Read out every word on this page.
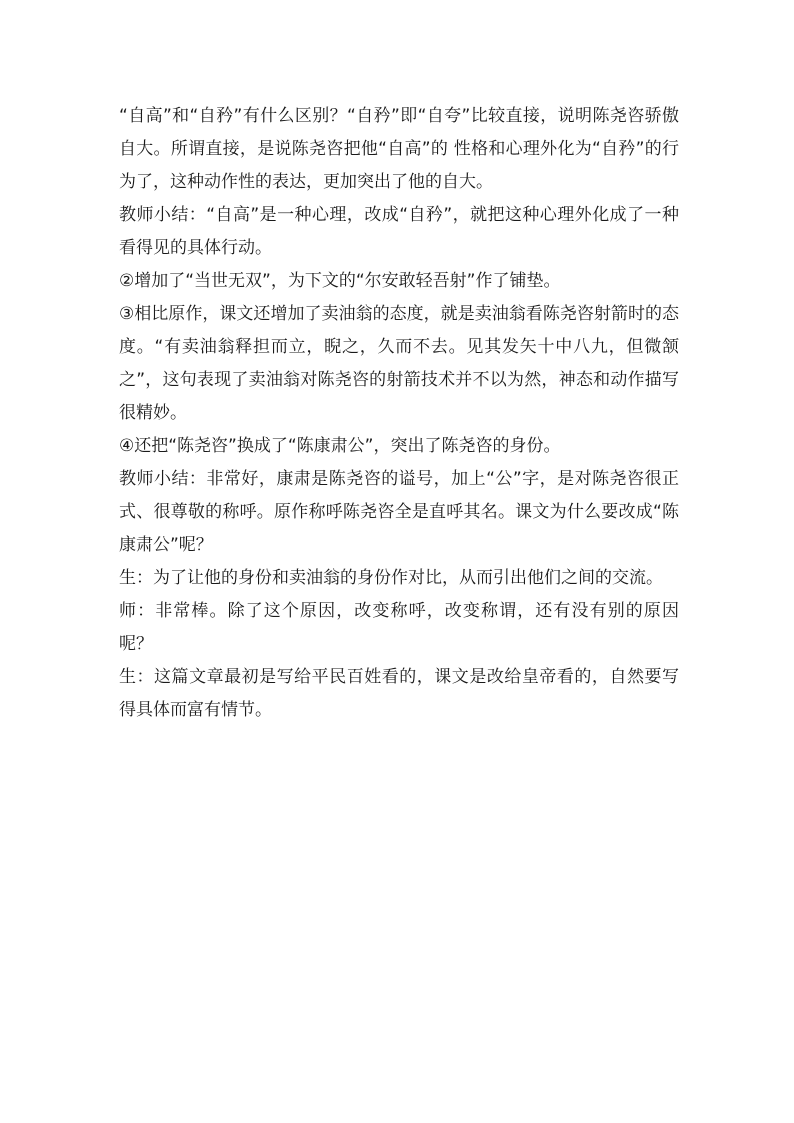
“自高”和“自矜”有什么区别？“自矜”即“自夸”比较直接，说明陈尧咨骄傲自大。所谓直接，是说陈尧咨把他“自高”的 性格和心理外化为“自矜”的行为了，这种动作性的表达，更加突出了他的自大。

教师小结：“自高”是一种心理，改成“自矜”，就把这种心理外化成了一种看得见的具体行动。

②增加了“当世无双”，为下文的“尔安敢轻吾射”作了铺垫。

③相比原作，课文还增加了卖油翁的态度，就是卖油翁看陈尧咨射箭时的态度。“有卖油翁释担而立，睨之，久而不去。见其发矢十中八九，但微颔之”，这句表现了卖油翁对陈尧咨的射箭技术并不以为然，神态和动作描写很精妙。

④还把“陈尧咨”换成了“陈康肃公”，突出了陈尧咨的身份。

教师小结：非常好，康肃是陈尧咨的谥号，加上“公”字，是对陈尧咨很正式、很尊敬的称呼。原作称呼陈尧咨全是直呼其名。课文为什么要改成“陈康肃公”呢？

生：为了让他的身份和卖油翁的身份作对比，从而引出他们之间的交流。

师：非常棒。除了这个原因，改变称呼，改变称谓，还有没有别的原因呢？

生：这篇文章最初是写给平民百姓看的，课文是改给皇帝看的，自然要写得具体而富有情节。
